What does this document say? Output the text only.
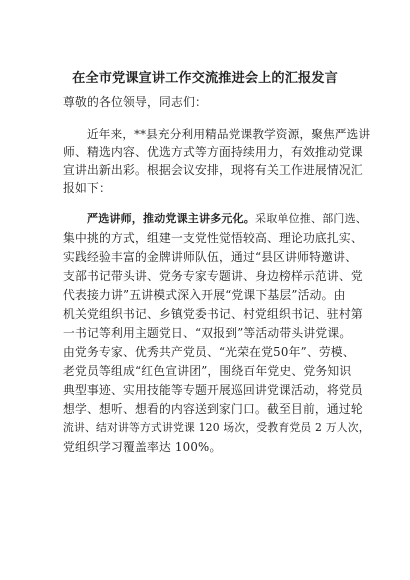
在全市党课宣讲工作交流推进会上的汇报发言
尊敬的各位领导，同志们：
近年来，**县充分利用精品党课教学资源，聚焦严选讲
师、精选内容、优选方式等方面持续用力，有效推动党课
宣讲出新出彩。根据会议安排，现将有关工作进展情况汇
报如下：
严选讲师，推动党课主讲多元化。采取单位推、部门选、
集中挑的方式，组建一支党性觉悟较高、理论功底扎实、
实践经验丰富的金牌讲师队伍，通过“县区讲师特邀讲、
支部书记带头讲、党务专家专题讲、身边榜样示范讲、党
代表接力讲”五讲模式深入开展“党课下基层”活动。由
机关党组织书记、乡镇党委书记、村党组织书记、驻村第
一书记等利用主题党日、“双报到”等活动带头讲党课。
由党务专家、优秀共产党员、“光荣在党50年”、劳模、
老党员等组成“红色宣讲团”，围绕百年党史、党务知识
典型事迹、实用技能等专题开展巡回讲党课活动，将党员
想学、想听、想看的内容送到家门口。截至目前，通过轮
流讲、结对讲等方式讲党课 120 场次，受教育党员 2 万人次，
党组织学习覆盖率达 100%。
